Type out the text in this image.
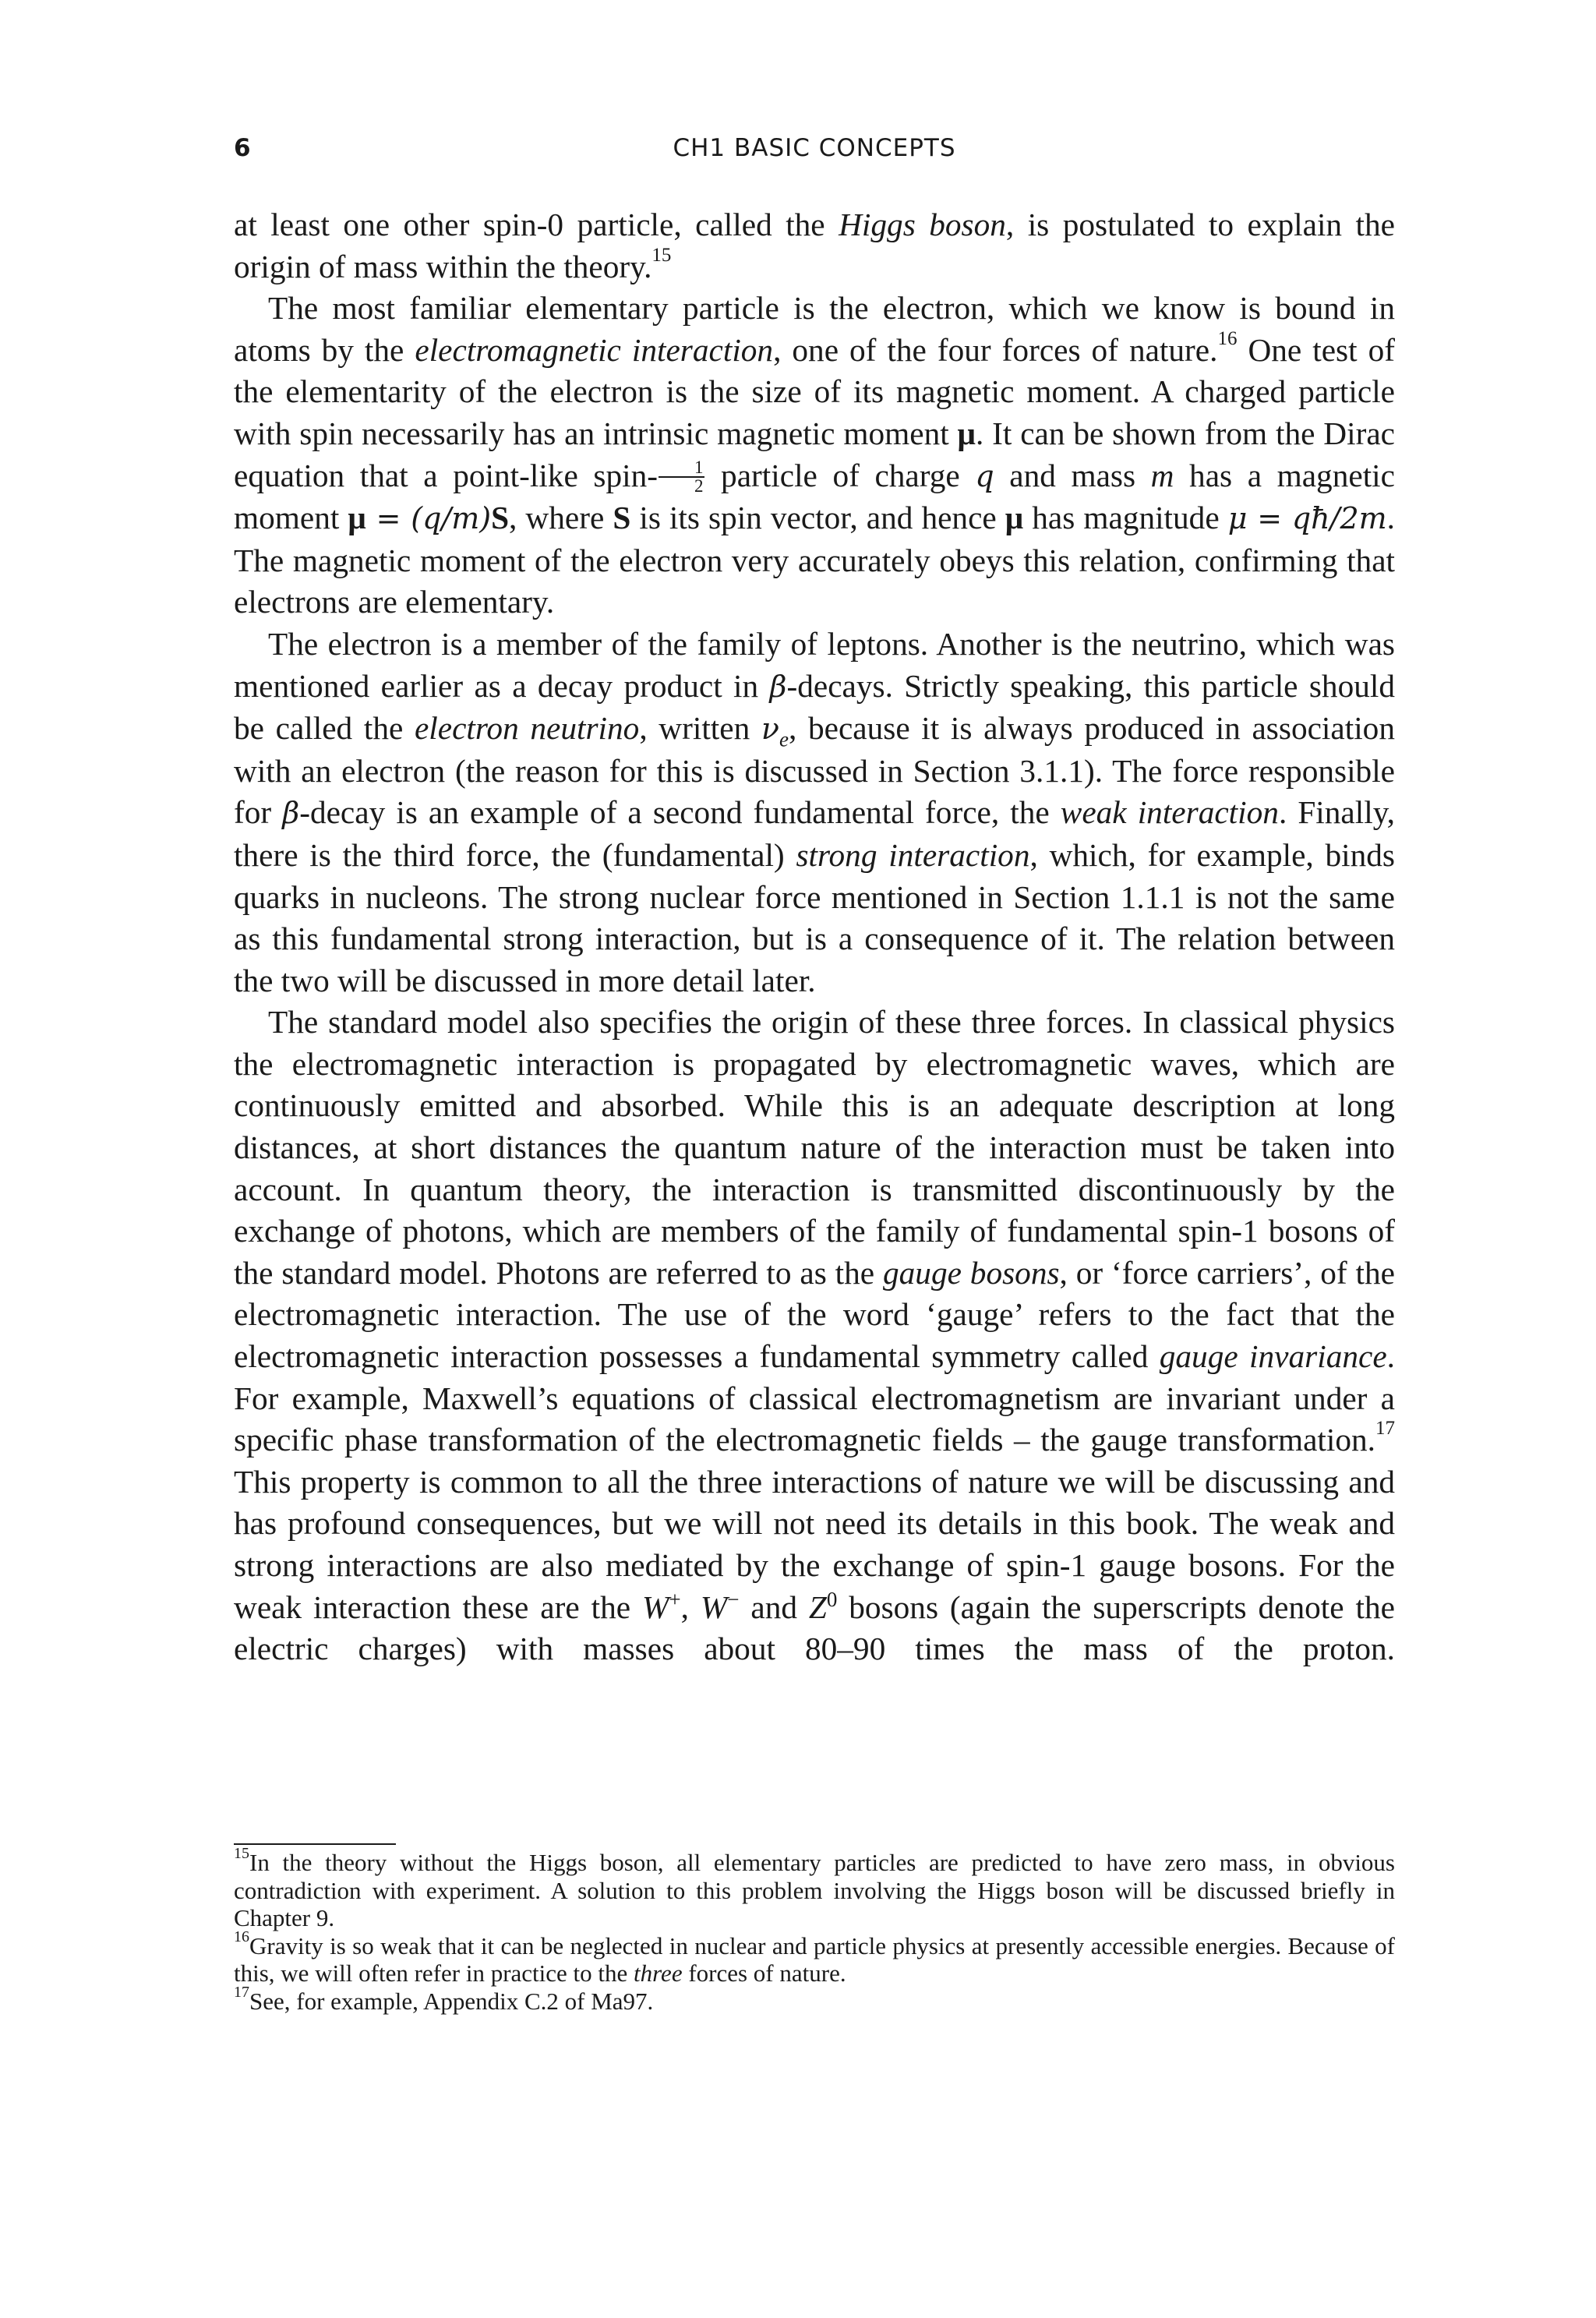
6	CH1 BASIC CONCEPTS

at least one other spin-0 particle, called the Higgs boson, is postulated to explain the origin of mass within the theory.$^{15}$

The most familiar elementary particle is the electron, which we know is bound in atoms by the electromagnetic interaction, one of the four forces of nature.$^{16}$ One test of the elementarity of the electron is the size of its magnetic moment. A charged particle with spin necessarily has an intrinsic magnetic moment μ. It can be shown from the Dirac equation that a point-like spin- $\frac{1}{2}$ particle of charge q and mass m has a magnetic moment μ = (q/m)S, where S is its spin vector, and hence μ has magnitude μ = qħ/2m. The magnetic moment of the electron very accurately obeys this relation, confirming that electrons are elementary.

The electron is a member of the family of leptons. Another is the neutrino, which was mentioned earlier as a decay product in β-decays. Strictly speaking, this particle should be called the electron neutrino, written $\nu_e$, because it is always produced in association with an electron (the reason for this is discussed in Section 3.1.1). The force responsible for β-decay is an example of a second fundamental force, the weak interaction. Finally, there is the third force, the (fundamental) strong interaction, which, for example, binds quarks in nucleons. The strong nuclear force mentioned in Section 1.1.1 is not the same as this fundamental strong interaction, but is a consequence of it. The relation between the two will be discussed in more detail later.

The standard model also specifies the origin of these three forces. In classical physics the electromagnetic interaction is propagated by electromagnetic waves, which are continuously emitted and absorbed. While this is an adequate description at long distances, at short distances the quantum nature of the interaction must be taken into account. In quantum theory, the interaction is transmitted discontinuously by the exchange of photons, which are members of the family of fundamental spin-1 bosons of the standard model. Photons are referred to as the gauge bosons, or ‘force carriers’, of the electromagnetic interaction. The use of the word ‘gauge’ refers to the fact that the electromagnetic interaction possesses a fundamental symmetry called gauge invariance. For example, Maxwell’s equations of classical electromagnetism are invariant under a specific phase transformation of the electromagnetic fields – the gauge transformation.$^{17}$ This property is common to all the three interactions of nature we will be discussing and has profound consequences, but we will not need its details in this book. The weak and strong interactions are also mediated by the exchange of spin-1 gauge bosons. For the weak interaction these are the W+, W− and $Z^0$ bosons (again the superscripts denote the electric charges) with masses about 80–90 times the mass of the proton.

$^{15}$In the theory without the Higgs boson, all elementary particles are predicted to have zero mass, in obvious contradiction with experiment. A solution to this problem involving the Higgs boson will be discussed briefly in Chapter 9.

$^{16}$Gravity is so weak that it can be neglected in nuclear and particle physics at presently accessible energies. Because of this, we will often refer in practice to the three forces of nature.

$^{17}$See, for example, Appendix C.2 of Ma97.
